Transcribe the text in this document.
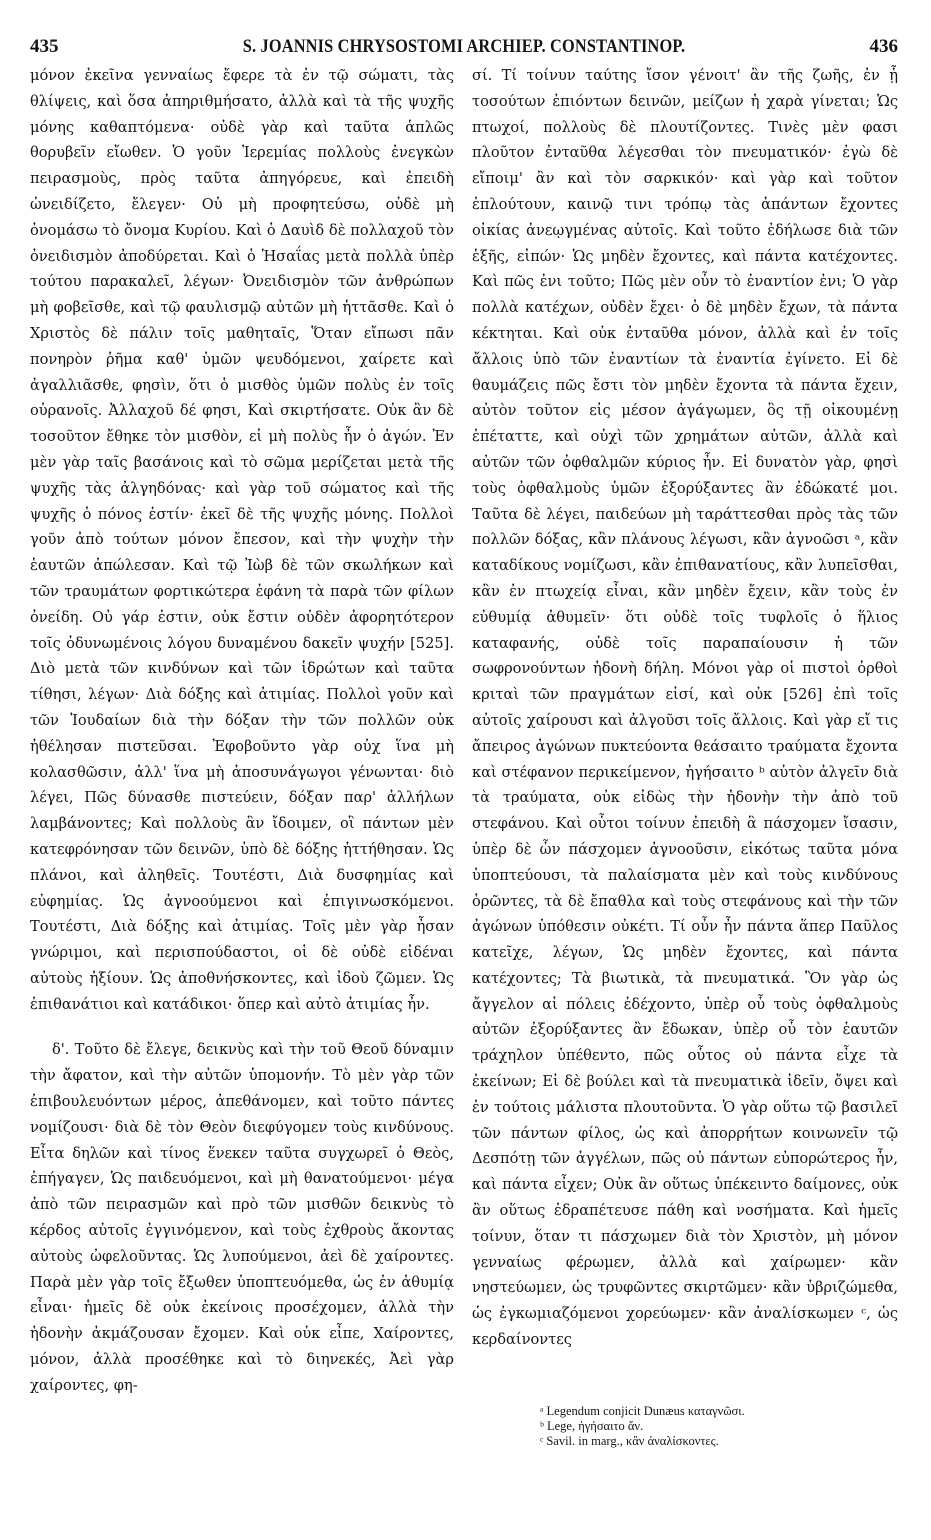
435	S. JOANNIS CHRYSOSTOMI ARCHIEP. CONSTANTINOP.	436

μόνον ἐκεῖνα γενναίως ἔφερε τὰ ἐν τῷ σώματι, τὰς θλίψεις, καὶ ὅσα ἀπηριθμήσατο, ἀλλὰ καὶ τὰ τῆς ψυχῆς μόνης καθαπτόμενα· οὐδὲ γὰρ καὶ ταῦτα ἁπλῶς θορυβεῖν εἴωθεν. Ὁ γοῦν Ἱερεμίας πολλοὺς ἐνεγκὼν πειρασμοὺς, πρὸς ταῦτα ἀπηγόρευε, καὶ ἐπειδὴ ὠνειδίζετο, ἔλεγεν· Οὐ μὴ προφητεύσω, οὐδὲ μὴ ὀνομάσω τὸ ὄνομα Κυρίου. Καὶ ὁ Δαυὶδ δὲ πολλαχοῦ τὸν ὀνειδισμὸν ἀποδύρεται. Καὶ ὁ Ἡσαΐας μετὰ πολλὰ ὑπὲρ τούτου παρακαλεῖ, λέγων· Ὀνειδισμὸν τῶν ἀνθρώπων μὴ φοβεῖσθε, καὶ τῷ φαυλισμῷ αὐτῶν μὴ ἡττᾶσθε. Καὶ ὁ Χριστὸς δὲ πάλιν τοῖς μαθηταῖς, Ὅταν εἴπωσι πᾶν πονηρὸν ῥῆμα καθ' ὑμῶν ψευδόμενοι, χαίρετε καὶ ἀγαλλιᾶσθε, φησὶν, ὅτι ὁ μισθὸς ὑμῶν πολὺς ἐν τοῖς οὐρανοῖς. Ἀλλαχοῦ δέ φησι, Καὶ σκιρτήσατε. Οὐκ ἂν δὲ τοσοῦτον ἔθηκε τὸν μισθὸν, εἰ μὴ πολὺς ἦν ὁ ἀγών. Ἐν μὲν γὰρ ταῖς βασάνοις καὶ τὸ σῶμα μερίζεται μετὰ τῆς ψυχῆς τὰς ἀλγηδόνας· καὶ γὰρ τοῦ σώματος καὶ τῆς ψυχῆς ὁ πόνος ἐστίν· ἐκεῖ δὲ τῆς ψυχῆς μόνης. Πολλοὶ γοῦν ἀπὸ τούτων μόνον ἔπεσον, καὶ τὴν ψυχὴν τὴν ἑαυτῶν ἀπώλεσαν. Καὶ τῷ Ἰὼβ δὲ τῶν σκωλήκων καὶ τῶν τραυμάτων φορτικώτερα ἐφάνη τὰ παρὰ τῶν φίλων ὀνείδη. Οὐ γάρ ἐστιν, οὐκ ἔστιν οὐδὲν ἀφορητότερον τοῖς ὀδυνωμένοις λόγου δυναμένου δακεῖν ψυχήν [525]. Διὸ μετὰ τῶν κινδύνων καὶ τῶν ἱδρώτων καὶ ταῦτα τίθησι, λέγων· Διὰ δόξης καὶ ἀτιμίας. Πολλοὶ γοῦν καὶ τῶν Ἰουδαίων διὰ τὴν δόξαν τὴν τῶν πολλῶν οὐκ ἠθέλησαν πιστεῦσαι. Ἐφοβοῦντο γὰρ οὐχ ἵνα μὴ κολασθῶσιν, ἀλλ' ἵνα μὴ ἀποσυνάγωγοι γένωνται· διὸ λέγει, Πῶς δύνασθε πιστεύειν, δόξαν παρ' ἀλλήλων λαμβάνοντες; Καὶ πολλοὺς ἂν ἴδοιμεν, οἳ πάντων μὲν κατεφρόνησαν τῶν δεινῶν, ὑπὸ δὲ δόξης ἡττήθησαν. Ὡς πλάνοι, καὶ ἀληθεῖς. Τουτέστι, Διὰ δυσφημίας καὶ εὐφημίας. Ὡς ἀγνοούμενοι καὶ ἐπιγινωσκόμενοι. Τουτέστι, Διὰ δόξης καὶ ἀτιμίας. Τοῖς μὲν γὰρ ἦσαν γνώριμοι, καὶ περισπούδαστοι, οἱ δὲ οὐδὲ εἰδέναι αὐτοὺς ἠξίουν. Ὡς ἀποθνήσκοντες, καὶ ἰδοὺ ζῶμεν. Ὡς ἐπιθανάτιοι καὶ κατάδικοι· ὅπερ καὶ αὐτὸ ἀτιμίας ἦν.

δ'. Τοῦτο δὲ ἔλεγε, δεικνὺς καὶ τὴν τοῦ Θεοῦ δύναμιν τὴν ἄφατον, καὶ τὴν αὐτῶν ὑπομονήν. Τὸ μὲν γὰρ τῶν ἐπιβουλευόντων μέρος, ἀπεθάνομεν, καὶ τοῦτο πάντες νομίζουσι· διὰ δὲ τὸν Θεὸν διεφύγομεν τοὺς κινδύνους. Εἶτα δηλῶν καὶ τίνος ἕνεκεν ταῦτα συγχωρεῖ ὁ Θεὸς, ἐπήγαγεν, Ὡς παιδευόμενοι, καὶ μὴ θανατούμενοι· μέγα ἀπὸ τῶν πειρασμῶν καὶ πρὸ τῶν μισθῶν δεικνὺς τὸ κέρδος αὐτοῖς ἐγγινόμενον, καὶ τοὺς ἐχθροὺς ἄκοντας αὐτοὺς ὠφελοῦντας. Ὡς λυπούμενοι, ἀεὶ δὲ χαίροντες. Παρὰ μὲν γὰρ τοῖς ἔξωθεν ὑποπτευόμεθα, ὡς ἐν ἀθυμίᾳ εἶναι· ἡμεῖς δὲ οὐκ ἐκείνοις προσέχομεν, ἀλλὰ τὴν ἡδονὴν ἀκμάζουσαν ἔχομεν. Καὶ οὐκ εἶπε, Χαίροντες, μόνον, ἀλλὰ προσέθηκε καὶ τὸ διηνεκές, Ἀεὶ γὰρ χαίροντες, φη-

σί. Τί τοίνυν ταύτης ἴσον γένοιτ' ἂν τῆς ζωῆς, ἐν ᾗ τοσούτων ἐπιόντων δεινῶν, μείζων ἡ χαρὰ γίνεται; Ὡς πτωχοί, πολλοὺς δὲ πλουτίζοντες. Τινὲς μὲν φασι πλοῦτον ἐνταῦθα λέγεσθαι τὸν πνευματικόν· ἐγὼ δὲ εἴποιμ' ἂν καὶ τὸν σαρκικόν· καὶ γὰρ καὶ τοῦτον ἐπλούτουν, καινῷ τινι τρόπῳ τὰς ἁπάντων ἔχοντες οἰκίας ἀνεῳγμένας αὐτοῖς. Καὶ τοῦτο ἐδήλωσε διὰ τῶν ἑξῆς, εἰπών· Ὡς μηδὲν ἔχοντες, καὶ πάντα κατέχοντες. Καὶ πῶς ἐνι τοῦτο; Πῶς μὲν οὖν τὸ ἐναντίον ἐνι; Ὁ γὰρ πολλὰ κατέχων, οὐδὲν ἔχει· ὁ δὲ μηδὲν ἔχων, τὰ πάντα κέκτηται. Καὶ οὐκ ἐνταῦθα μόνον, ἀλλὰ καὶ ἐν τοῖς ἄλλοις ὑπὸ τῶν ἐναντίων τὰ ἐναντία ἐγίνετο. Εἰ δὲ θαυμάζεις πῶς ἔστι τὸν μηδὲν ἔχοντα τὰ πάντα ἔχειν, αὐτὸν τοῦτον εἰς μέσον ἀγάγωμεν, ὃς τῇ οἰκουμένῃ ἐπέταττε, καὶ οὐχὶ τῶν χρημάτων αὐτῶν, ἀλλὰ καὶ αὐτῶν τῶν ὀφθαλμῶν κύριος ἦν. Εἰ δυνατὸν γὰρ, φησὶ τοὺς ὀφθαλμοὺς ὑμῶν ἐξορύξαντες ἂν ἐδώκατέ μοι. Ταῦτα δὲ λέγει, παιδεύων μὴ ταράττεσθαι πρὸς τὰς τῶν πολλῶν δόξας, κἂν πλάνους λέγωσι, κἂν ἀγνοῶσι ᵃ, κἂν καταδίκους νομίζωσι, κἂν ἐπιθανατίους, κἂν λυπεῖσθαι, κἂν ἐν πτωχείᾳ εἶναι, κἂν μηδὲν ἔχειν, κἂν τοὺς ἐν εὐθυμίᾳ ἀθυμεῖν· ὅτι οὐδὲ τοῖς τυφλοῖς ὁ ἥλιος καταφανής, οὐδὲ τοῖς παραπαίουσιν ἡ τῶν σωφρονούντων ἡδονὴ δήλη. Μόνοι γὰρ οἱ πιστοὶ ὀρθοὶ κριταὶ τῶν πραγμάτων εἰσί, καὶ οὐκ [526] ἐπὶ τοῖς αὐτοῖς χαίρουσι καὶ ἀλγοῦσι τοῖς ἄλλοις. Καὶ γὰρ εἴ τις ἄπειρος ἀγώνων πυκτεύοντα θεάσαιτο τραύματα ἔχοντα καὶ στέφανον περικείμενον, ἡγήσαιτο ᵇ αὐτὸν ἀλγεῖν διὰ τὰ τραύματα, οὐκ εἰδὼς τὴν ἡδονὴν τὴν ἀπὸ τοῦ στεφάνου. Καὶ οὗτοι τοίνυν ἐπειδὴ ἃ πάσχομεν ἴσασιν, ὑπὲρ δὲ ὧν πάσχομεν ἀγνοοῦσιν, εἰκότως ταῦτα μόνα ὑποπτεύουσι, τὰ παλαίσματα μὲν καὶ τοὺς κινδύνους ὁρῶντες, τὰ δὲ ἔπαθλα καὶ τοὺς στεφάνους καὶ τὴν τῶν ἀγώνων ὑπόθεσιν οὐκέτι. Τί οὖν ἦν πάντα ἅπερ Παῦλος κατεῖχε, λέγων, Ὡς μηδὲν ἔχοντες, καὶ πάντα κατέχοντες; Τὰ βιωτικὰ, τὰ πνευματικά. Ὃν γὰρ ὡς ἄγγελον αἱ πόλεις ἐδέχοντο, ὑπὲρ οὗ τοὺς ὀφθαλμοὺς αὐτῶν ἐξορύξαντες ἂν ἔδωκαν, ὑπὲρ οὗ τὸν ἑαυτῶν τράχηλον ὑπέθεντο, πῶς οὗτος οὐ πάντα εἶχε τὰ ἐκείνων; Εἰ δὲ βούλει καὶ τὰ πνευματικὰ ἰδεῖν, ὄψει καὶ ἐν τούτοις μάλιστα πλουτοῦντα. Ὁ γὰρ οὕτω τῷ βασιλεῖ τῶν πάντων φίλος, ὡς καὶ ἀπορρήτων κοινωνεῖν τῷ Δεσπότῃ τῶν ἀγγέλων, πῶς οὐ πάντων εὐπορώτερος ἦν, καὶ πάντα εἶχεν; Οὐκ ἂν οὕτως ὑπέκειντο δαίμονες, οὐκ ἂν οὕτως ἐδραπέτευσε πάθη καὶ νοσήματα. Καὶ ἡμεῖς τοίνυν, ὅταν τι πάσχωμεν διὰ τὸν Χριστὸν, μὴ μόνον γενναίως φέρωμεν, ἀλλὰ καὶ χαίρωμεν· κἂν νηστεύωμεν, ὡς τρυφῶντες σκιρτῶμεν· κἂν ὑβριζώμεθα, ὡς ἐγκωμιαζόμενοι χορεύωμεν· κἂν ἀναλίσκωμεν ᶜ, ὡς κερδαίνοντες

ᵃ Legendum conjicit Dunæus καταγνῶσι.
ᵇ Lege, ἡγήσαιτο ἄν.
ᶜ Savil. in marg., κἂν ἀναλίσκοντες.
